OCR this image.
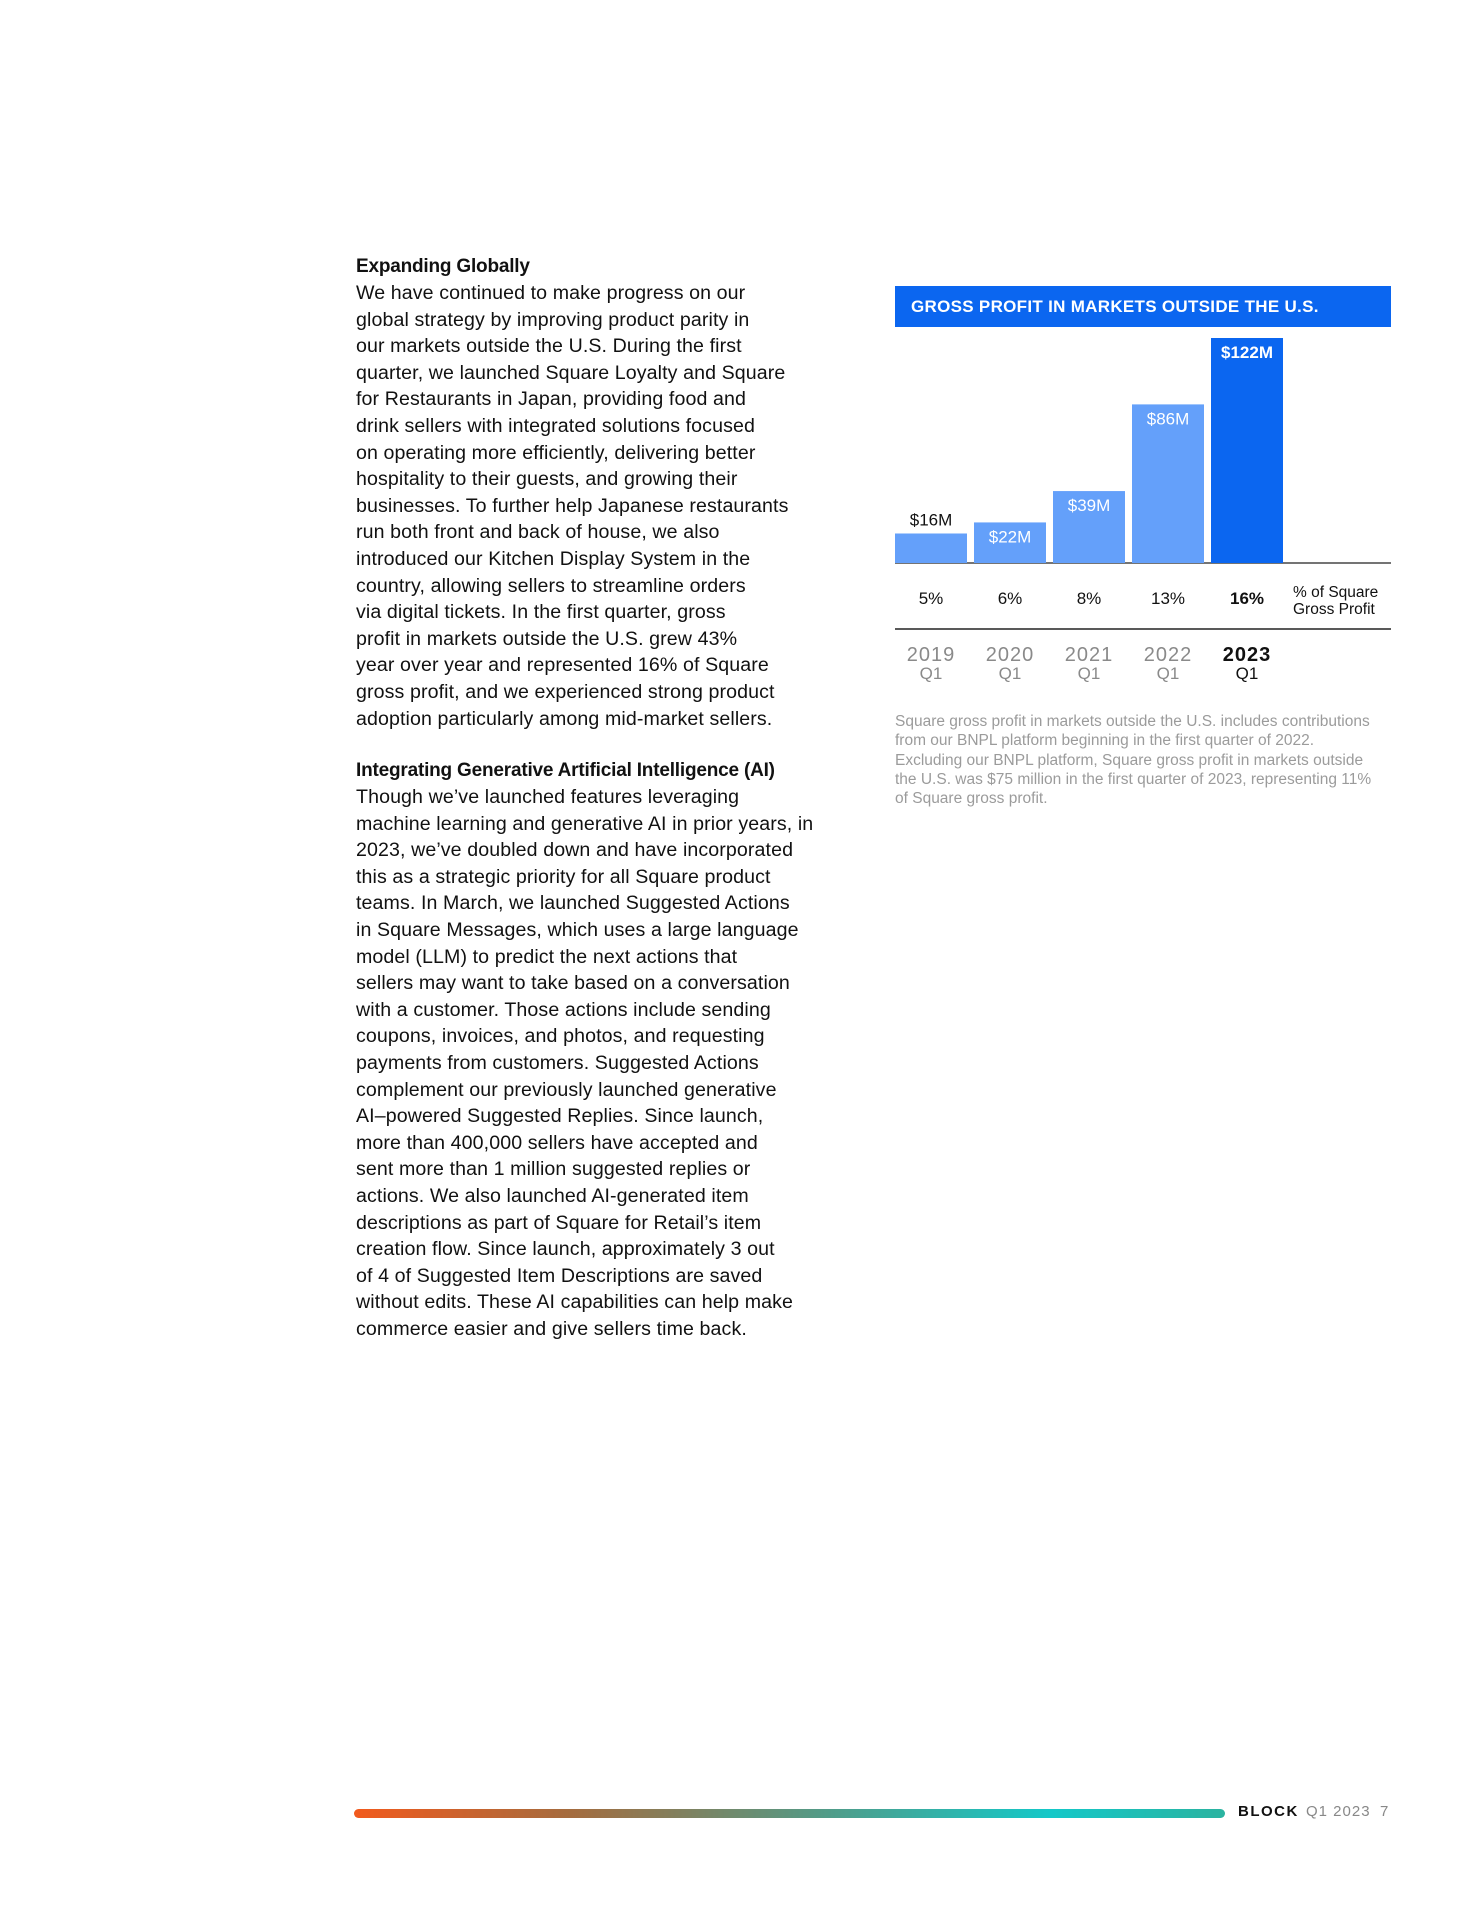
Expanding Globally

We have continued to make progress on our

global strategy by improving product parity in

our markets outside the U.S. During the first

quarter, we launched Square Loyalty and Square

for Restaurants in Japan, providing food and

drink sellers with integrated solutions focused

on operating more efficiently, delivering better

hospitality to their guests, and growing their

businesses. To further help Japanese restaurants

run both front and back of house, we also

introduced our Kitchen Display System in the

country, allowing sellers to streamline orders

via digital tickets. In the first quarter, gross

profit in markets outside the U.S. grew 43%

year over year and represented 16% of Square

gross profit, and we experienced strong product

adoption particularly among mid-market sellers.

Integrating Generative Artificial Intelligence (AI)

Though we’ve launched features leveraging

machine learning and generative AI in prior years, in

2023, we’ve doubled down and have incorporated

this as a strategic priority for all Square product

teams. In March, we launched Suggested Actions

in Square Messages, which uses a large language

model (LLM) to predict the next actions that

sellers may want to take based on a conversation

with a customer. Those actions include sending

coupons, invoices, and photos, and requesting

payments from customers. Suggested Actions

complement our previously launched generative

AI–powered Suggested Replies. Since launch,

more than 400,000 sellers have accepted and

sent more than 1 million suggested replies or

actions. We also launched AI-generated item

descriptions as part of Square for Retail’s item

creation flow. Since launch, approximately 3 out

of 4 of Suggested Item Descriptions are saved

without edits. These AI capabilities can help make

commerce easier and give sellers time back.

GROSS PROFIT IN MARKETS OUTSIDE THE U.S.
$16M
5%
2019
Q1
$22M
6%
2020
Q1
$39M
8%
2021
Q1
$86M
13%
2022
Q1
$122M
16%
2023
Q1
% of Square
Gross Profit

Square gross profit in markets outside the U.S. includes contributions from our BNPL platform beginning in the first quarter of 2022. Excluding our BNPL platform, Square gross profit in markets outside the U.S. was $75 million in the first quarter of 2023, representing 11% of Square gross profit.

BLOCK Q1 2023 7
